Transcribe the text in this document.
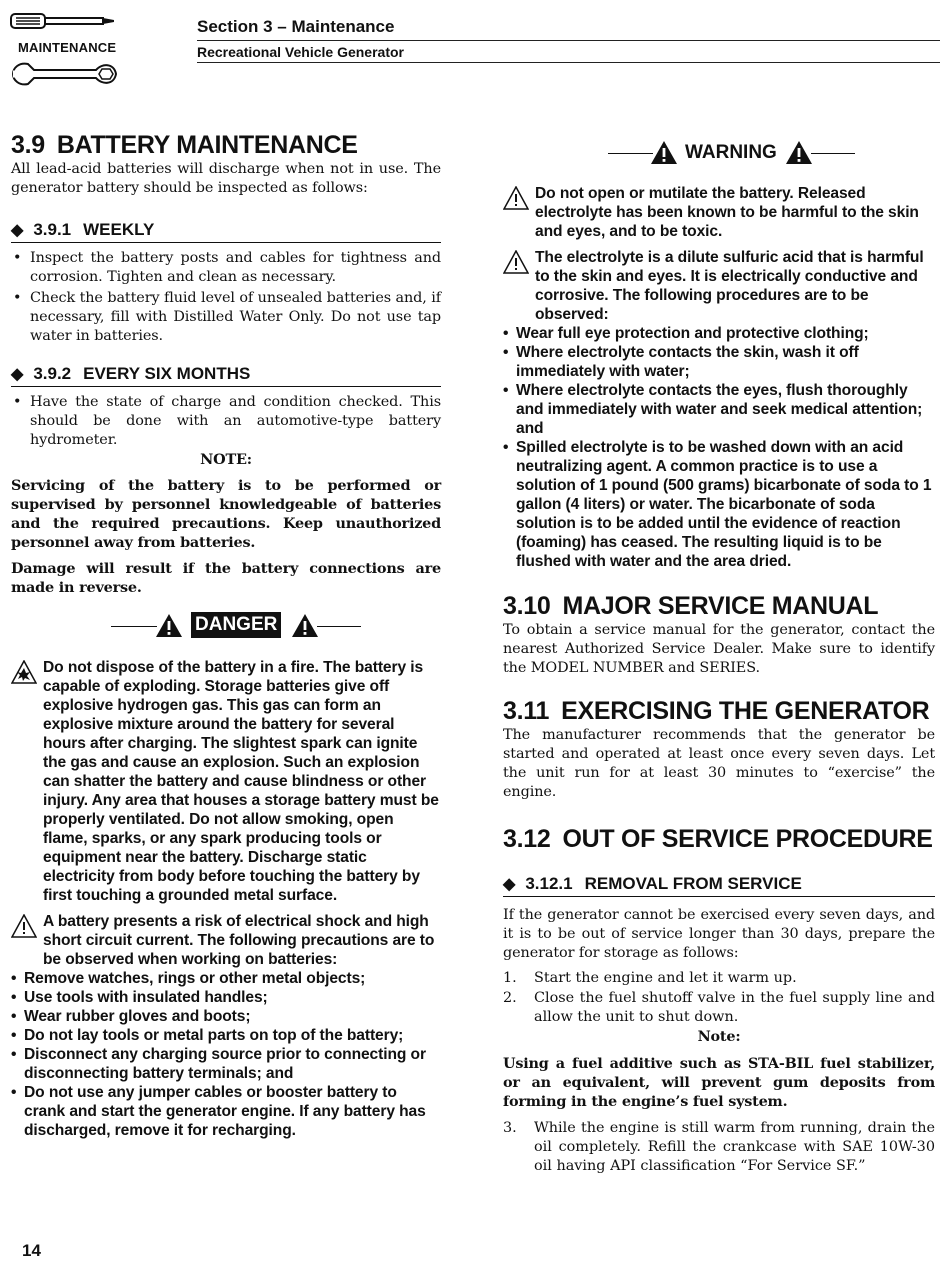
MAINTENANCE
Section 3 – Maintenance
Recreational Vehicle Generator
3.9 BATTERY MAINTENANCE

All lead-acid batteries will discharge when not in use. The generator battery should be inspected as follows:

◆ 3.9.1 WEEKLY
• Inspect the battery posts and cables for tightness and corrosion. Tighten and clean as necessary.
• Check the battery fluid level of unsealed batteries and, if necessary, fill with Distilled Water Only. Do not use tap water in batteries.
◆ 3.9.2 EVERY SIX MONTHS
• Have the state of charge and condition checked. This should be done with an automotive-type battery hydrometer.

NOTE:

Servicing of the battery is to be performed or supervised by personnel knowledgeable of batteries and the required precautions. Keep unauthorized personnel away from batteries.

Damage will result if the battery connections are made in reverse.

DANGER
Do not dispose of the battery in a fire. The battery is capable of exploding. Storage batteries give off explosive hydrogen gas. This gas can form an explosive mixture around the battery for several hours after charging. The slightest spark can ignite the gas and cause an explosion. Such an explosion can shatter the battery and cause blindness or other injury. Any area that houses a storage battery must be properly ventilated. Do not allow smoking, open flame, sparks, or any spark producing tools or equipment near the battery. Discharge static electricity from body before touching the battery by first touching a grounded metal surface.
A battery presents a risk of electrical shock and high short circuit current. The following precautions are to be observed when working on batteries:
• Remove watches, rings or other metal objects;
• Use tools with insulated handles;
• Wear rubber gloves and boots;
• Do not lay tools or metal parts on top of the battery;
• Disconnect any charging source prior to connecting or disconnecting battery terminals; and
• Do not use any jumper cables or booster battery to crank and start the generator engine. If any battery has discharged, remove it for recharging.
WARNING
Do not open or mutilate the battery. Released electrolyte has been known to be harmful to the skin and eyes, and to be toxic.
The electrolyte is a dilute sulfuric acid that is harmful to the skin and eyes. It is electrically conductive and corrosive. The following procedures are to be observed:
• Wear full eye protection and protective clothing;
• Where electrolyte contacts the skin, wash it off immediately with water;
• Where electrolyte contacts the eyes, flush thoroughly and immediately with water and seek medical attention; and
• Spilled electrolyte is to be washed down with an acid neutralizing agent. A common practice is to use a solution of 1 pound (500 grams) bicarbonate of soda to 1 gallon (4 liters) or water. The bicarbonate of soda solution is to be added until the evidence of reaction (foaming) has ceased. The resulting liquid is to be flushed with water and the area dried.
3.10 MAJOR SERVICE MANUAL

To obtain a service manual for the generator, contact the nearest Authorized Service Dealer. Make sure to identify the MODEL NUMBER and SERIES.

3.11 EXERCISING THE GENERATOR

The manufacturer recommends that the generator be started and operated at least once every seven days. Let the unit run for at least 30 minutes to “exercise” the engine.

3.12 OUT OF SERVICE PROCEDURE
◆ 3.12.1 REMOVAL FROM SERVICE

If the generator cannot be exercised every seven days, and it is to be out of service longer than 30 days, prepare the generator for storage as follows:

1. Start the engine and let it warm up.
2. Close the fuel shutoff valve in the fuel supply line and allow the unit to shut down.

Note:

Using a fuel additive such as STA-BIL fuel stabilizer, or an equivalent, will prevent gum deposits from forming in the engine’s fuel system.

3. While the engine is still warm from running, drain the oil completely. Refill the crankcase with SAE 10W-30 oil having API classification “For Service SF.”
14
